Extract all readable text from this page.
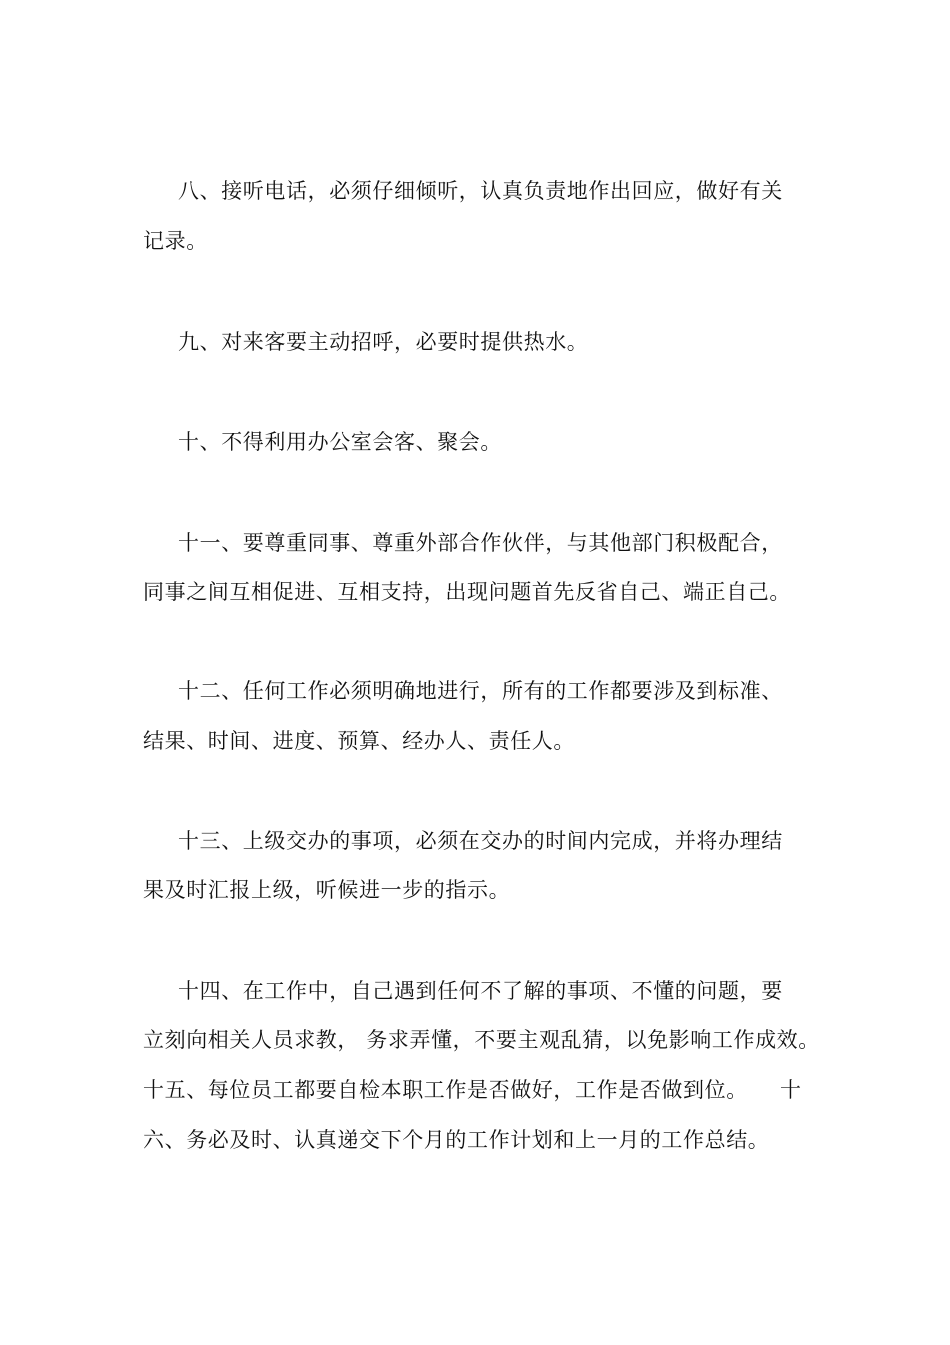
八、接听电话，必须仔细倾听，认真负责地作出回应，做好有关
记录。
九、对来客要主动招呼，必要时提供热水。
十、不得利用办公室会客、聚会。
十一、要尊重同事、尊重外部合作伙伴，与其他部门积极配合，
同事之间互相促进、互相支持，出现问题首先反省自己、端正自己。
十二、任何工作必须明确地进行，所有的工作都要涉及到标准、
结果、时间、进度、预算、经办人、责任人。
十三、上级交办的事项，必须在交办的时间内完成，并将办理结
果及时汇报上级，听候进一步的指示。
十四、在工作中，自己遇到任何不了解的事项、不懂的问题，要
立刻向相关人员求教， 务求弄懂，不要主观乱猜，以免影响工作成效。
十五、每位员工都要自检本职工作是否做好，工作是否做到位。 十
六、务必及时、认真递交下个月的工作计划和上一月的工作总结。
